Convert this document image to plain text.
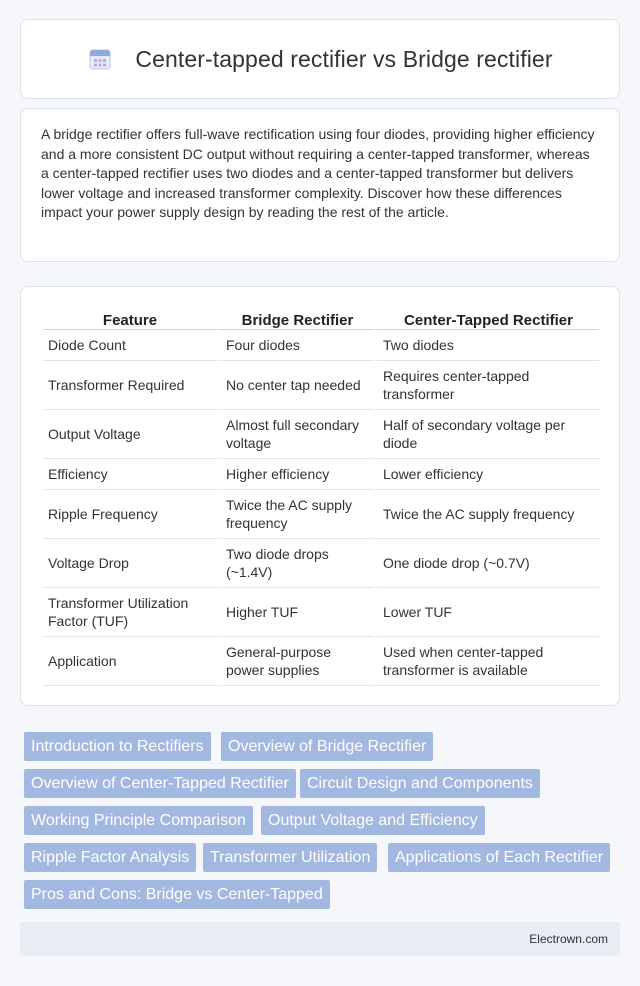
Center-tapped rectifier vs Bridge rectifier

A bridge rectifier offers full-wave rectification using four diodes, providing higher efficiency and a more consistent DC output without requiring a center-tapped transformer, whereas a center-tapped rectifier uses two diodes and a center-tapped transformer but delivers lower voltage and increased transformer complexity. Discover how these differences impact your power supply design by reading the rest of the article.

Feature	Bridge Rectifier	Center-Tapped Rectifier
Diode Count	Four diodes	Two diodes
Transformer Required	No center tap needed	Requires center-tapped transformer
Output Voltage	Almost full secondary voltage	Half of secondary voltage per diode
Efficiency	Higher efficiency	Lower efficiency
Ripple Frequency	Twice the AC supply frequency	Twice the AC supply frequency
Voltage Drop	Two diode drops (~1.4V)	One diode drop (~0.7V)
Transformer Utilization Factor (TUF)	Higher TUF	Lower TUF
Application	General-purpose power supplies	Used when center-tapped transformer is available
Introduction to Rectifiers	Overview of Bridge Rectifier
Overview of Center-Tapped Rectifier	Circuit Design and Components
Working Principle Comparison	Output Voltage and Efficiency
Ripple Factor Analysis	Transformer Utilization	Applications of Each Rectifier
Pros and Cons: Bridge vs Center-Tapped
Electrown.com
